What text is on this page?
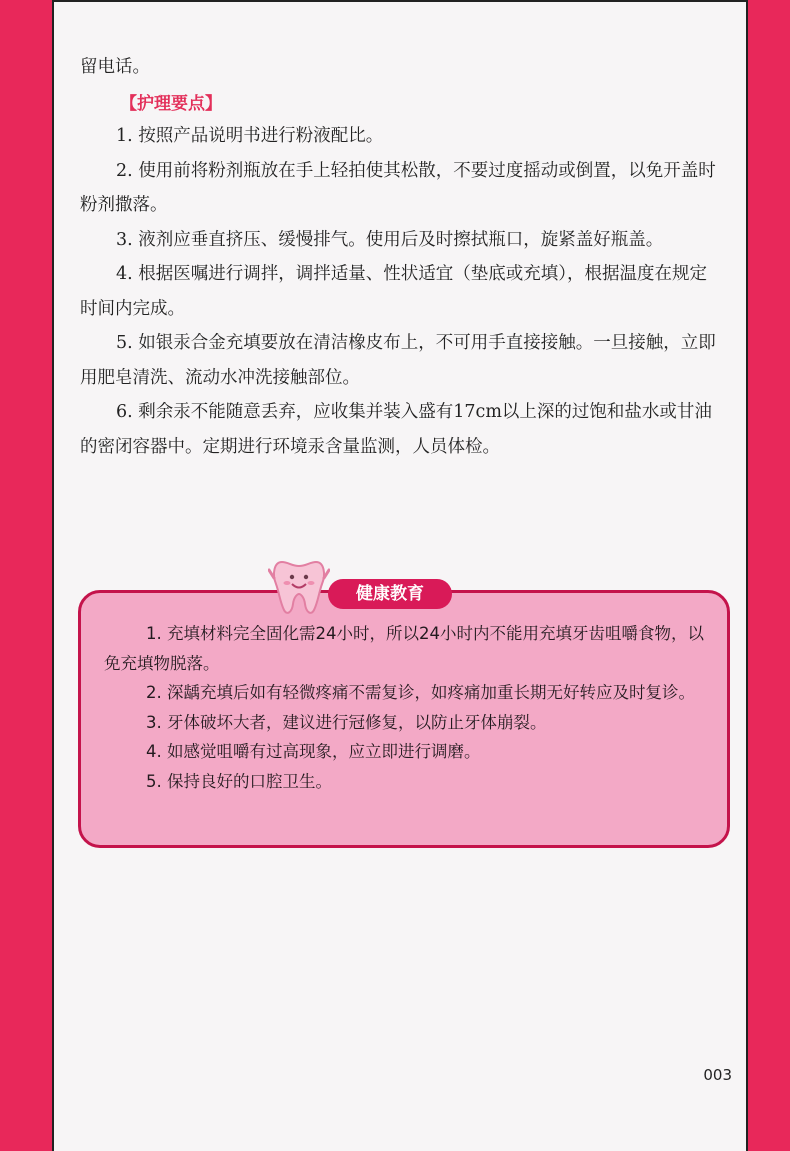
留电话。

【护理要点】

1. 按照产品说明书进行粉液配比。

2. 使用前将粉剂瓶放在手上轻拍使其松散，不要过度摇动或倒置，以免开盖时粉剂撒落。

3. 液剂应垂直挤压、缓慢排气。使用后及时擦拭瓶口，旋紧盖好瓶盖。

4. 根据医嘱进行调拌，调拌适量、性状适宜（垫底或充填），根据温度在规定时间内完成。

5. 如银汞合金充填要放在清洁橡皮布上，不可用手直接接触。一旦接触，立即用肥皂清洗、流动水冲洗接触部位。

6. 剩余汞不能随意丢弃，应收集并装入盛有17cm以上深的过饱和盐水或甘油的密闭容器中。定期进行环境汞含量监测，人员体检。

健康教育

1. 充填材料完全固化需24小时，所以24小时内不能用充填牙齿咀嚼食物，以免充填物脱落。

2. 深龋充填后如有轻微疼痛不需复诊，如疼痛加重长期无好转应及时复诊。

3. 牙体破坏大者，建议进行冠修复，以防止牙体崩裂。

4. 如感觉咀嚼有过高现象，应立即进行调磨。

5. 保持良好的口腔卫生。

003
